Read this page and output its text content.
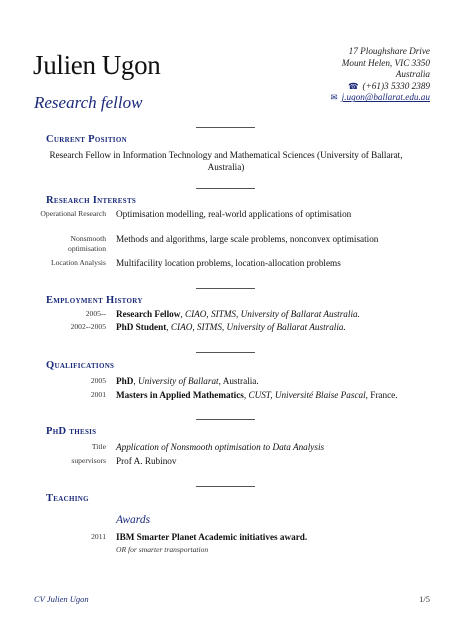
Julien Ugon
Research fellow
17 Ploughshare Drive
Mount Helen, VIC 3350
Australia
☎ (+61)3 5330 2389
✉ j.ugon@ballarat.edu.au
Current Position
Research Fellow in Information Technology and Mathematical Sciences (University of Ballarat, Australia)
Research Interests
Operational Research Optimisation modelling, real-world applications of optimisation
Nonsmooth optimisation
Methods and algorithms, large scale problems, nonconvex optimisation
Location Analysis Multifacility location problems, location-allocation problems
Employment History
2005-- Research Fellow, CIAO, SITMS, University of Ballarat Australia.
2002--2005 PhD Student, CIAO, SITMS, University of Ballarat Australia.
Qualifications
2005 PhD, University of Ballarat, Australia.
2001 Masters in Applied Mathematics, CUST, Université Blaise Pascal, France.
PhD thesis
Title Application of Nonsmooth optimisation to Data Analysis
supervisors Prof A. Rubinov
Teaching
Awards
2011 IBM Smarter Planet Academic initiatives award.
OR for smarter transportation
CV Julien Ugon	1/5
